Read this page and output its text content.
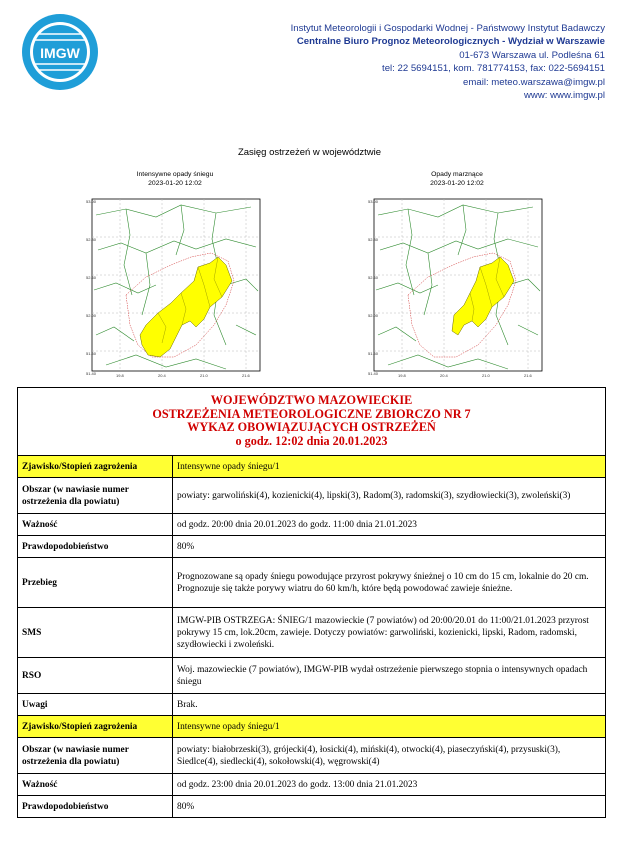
IMGW
Instytut Meteorologii i Gospodarki Wodnej - Państwowy Instytut Badawczy
Centralne Biuro Prognoz Meteorologicznych - Wydział w Warszawie
01-673 Warszawa ul. Podleśna 61
tel: 22 5694151, kom. 781774153, fax: 022-5694151
email: meteo.warszawa@imgw.pl
www: www.imgw.pl
Zasięg ostrzeżeń w województwie
Intensywne opady śniegu
2023-01-20 12:02
53.00
52.80
52.40
52.00
51.60
51.40	19.8	20.4	21.0	21.6
Opady marznące
2023-01-20 12:02
53.00
52.80
52.40
52.00
51.60
51.40	19.8	20.4	21.0	21.6
WOJEWÓDZTWO MAZOWIECKIE
OSTRZEŻENIA METEOROLOGICZNE ZBIORCZO NR 7
WYKAZ OBOWIĄZUJĄCYCH OSTRZEŻEŃ
o godz. 12:02 dnia 20.01.2023	

Zjawisko/Stopień zagrożenia	Intensywne opady śniegu/1
Obszar (w nawiasie numer ostrzeżenia dla powiatu)	powiaty: garwoliński(4), kozienicki(4), lipski(3), Radom(3), radomski(3), szydłowiecki(3), zwoleński(3)
Ważność	od godz. 20:00 dnia 20.01.2023 do godz. 11:00 dnia 21.01.2023
Prawdopodobieństwo	80%
Przebieg	Prognozowane są opady śniegu powodujące przyrost pokrywy śnieżnej o 10 cm do 15 cm, lokalnie do 20 cm. Prognozuje się także porywy wiatru do 60 km/h, które będą powodować zawieje śnieżne.
SMS	IMGW-PIB OSTRZEGA: ŚNIEG/1 mazowieckie (7 powiatów) od 20:00/20.01 do 11:00/21.01.2023 przyrost pokrywy 15 cm, lok.20cm, zawieje. Dotyczy powiatów: garwoliński, kozienicki, lipski, Radom, radomski, szydłowiecki i zwoleński.
RSO	Woj. mazowieckie (7 powiatów), IMGW-PIB wydał ostrzeżenie pierwszego stopnia o intensywnych opadach śniegu
Uwagi	Brak.
Zjawisko/Stopień zagrożenia	Intensywne opady śniegu/1
Obszar (w nawiasie numer ostrzeżenia dla powiatu)	powiaty: białobrzeski(3), grójecki(4), łosicki(4), miński(4), otwocki(4), piaseczyński(4), przysuski(3), Siedlce(4), siedlecki(4), sokołowski(4), węgrowski(4)
Ważność	od godz. 23:00 dnia 20.01.2023 do godz. 13:00 dnia 21.01.2023
Prawdopodobieństwo	80%
